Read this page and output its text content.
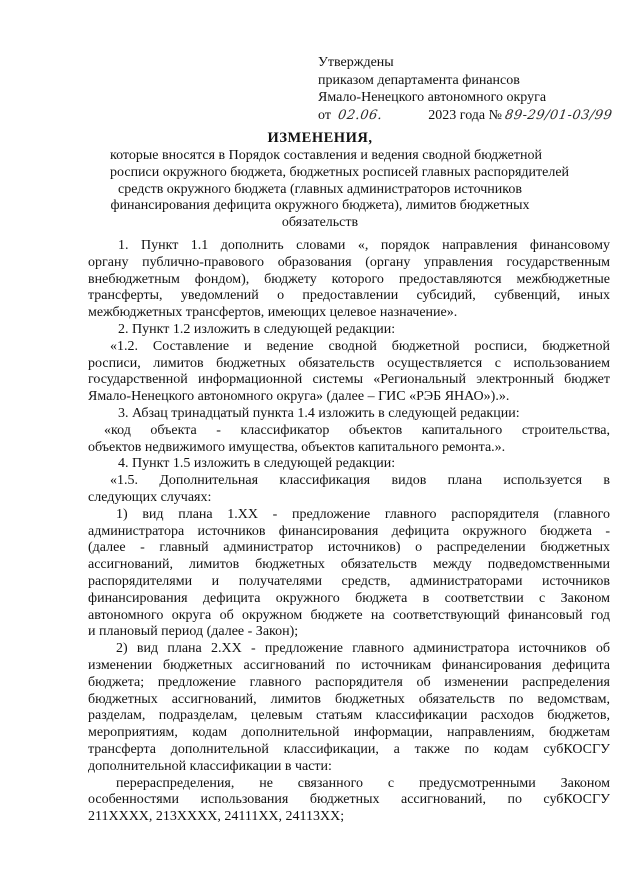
Утверждены
приказом департамента финансов
Ямало-Ненецкого автономного округа
от 02.06.	2023 года № 89-29/01-03/99
ИЗМЕНЕНИЯ,
которые вносятся в Порядок составления и ведения сводной бюджетной
росписи окружного бюджета, бюджетных росписей главных распорядителей
средств окружного бюджета (главных администраторов источников
финансирования дефицита окружного бюджета), лимитов бюджетных
обязательств
1. Пункт 1.1 дополнить словами «, порядок направления финансовому
органу публично-правового образования (органу управления государственным
внебюджетным фондом), бюджету которого предоставляются межбюджетные
трансферты, уведомлений о предоставлении субсидий, субвенций, иных
межбюджетных трансфертов, имеющих целевое назначение».
2. Пункт 1.2 изложить в следующей редакции:
«1.2. Составление и ведение сводной бюджетной росписи, бюджетной
росписи, лимитов бюджетных обязательств осуществляется с использованием
государственной информационной системы «Региональный электронный бюджет
Ямало-Ненецкого автономного округа» (далее – ГИС «РЭБ ЯНАО»).».
3. Абзац тринадцатый пункта 1.4 изложить в следующей редакции:
«код объекта - классификатор объектов капитального строительства,
объектов недвижимого имущества, объектов капитального ремонта.».
4. Пункт 1.5 изложить в следующей редакции:
«1.5. Дополнительная классификация видов плана используется в
следующих случаях:
1) вид плана 1.ХХ - предложение главного распорядителя (главного
администратора источников финансирования дефицита окружного бюджета -
(далее - главный администратор источников) о распределении бюджетных
ассигнований, лимитов бюджетных обязательств между подведомственными
распорядителями и получателями средств, администраторами источников
финансирования дефицита окружного бюджета в соответствии с Законом
автономного округа об окружном бюджете на соответствующий финансовый год
и плановый период (далее - Закон);
2) вид плана 2.ХХ - предложение главного администратора источников об
изменении бюджетных ассигнований по источникам финансирования дефицита
бюджета; предложение главного распорядителя об изменении распределения
бюджетных ассигнований, лимитов бюджетных обязательств по ведомствам,
разделам, подразделам, целевым статьям классификации расходов бюджетов,
мероприятиям, кодам дополнительной информации, направлениям, бюджетам
трансферта дополнительной классификации, а также по кодам субКОСГУ
дополнительной классификации в части:
перераспределения, не связанного с предусмотренными Законом
особенностями использования бюджетных ассигнований, по субКОСГУ
211ХХХХ, 213ХХХХ, 24111ХХ, 24113ХХ;
